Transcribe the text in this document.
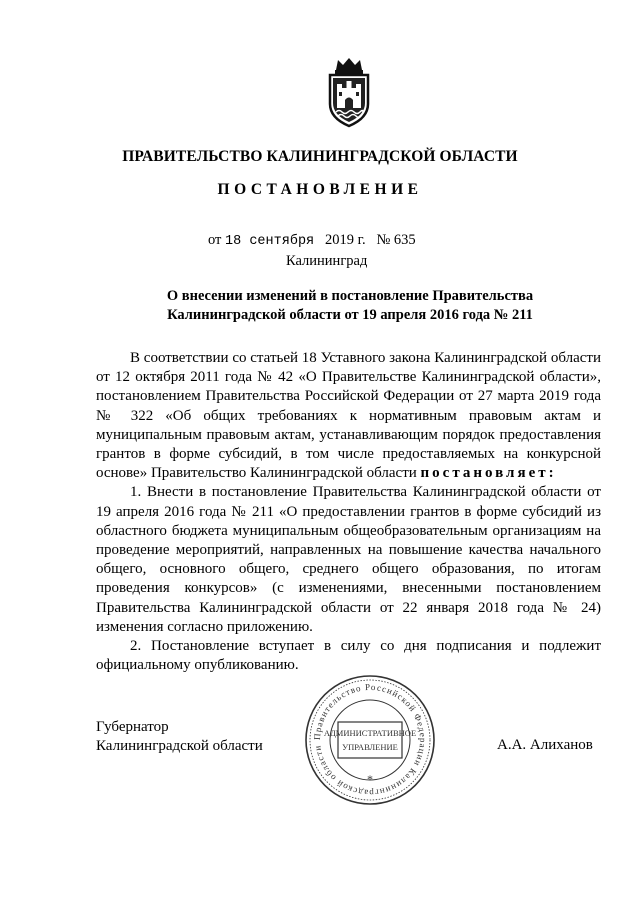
ПРАВИТЕЛЬСТВО КАЛИНИНГРАДСКОЙ ОБЛАСТИ
ПОСТАНОВЛЕНИЕ
от 18 сентября 2019 г. № 635
Калининград
О внесении изменений в постановление Правительства
Калининградской области от 19 апреля 2016 года № 211

В соответствии со статьей 18 Уставного закона Калининградской области от 12 октября 2011 года № 42 «О Правительстве Калининградской области», постановлением Правительства Российской Федерации от 27 марта 2019 года № 322 «Об общих требованиях к нормативным правовым актам и муниципальным правовым актам, устанавливающим порядок предоставления грантов в форме субсидий, в том числе предоставляемых на конкурсной основе» Правительство Калининградской области постановляет:

1. Внести в постановление Правительства Калининградской области от 19 апреля 2016 года № 211 «О предоставлении грантов в форме субсидий из областного бюджета муниципальным общеобразовательным организациям на проведение мероприятий, направленных на повышение качества начального общего, основного общего, среднего общего образования, по итогам проведения конкурсов» (с изменениями, внесенными постановлением Правительства Калининградской области от 22 января 2018 года № 24) изменения согласно приложению.

2. Постановление вступает в силу со дня подписания и подлежит официальному опубликованию.

Губернатор
Калининградской области	А.А. Алиханов
Правительство Российской Федерации Калининградской области
АДМИНИСТРАТИВНОЕ
УПРАВЛЕНИЕ
*
